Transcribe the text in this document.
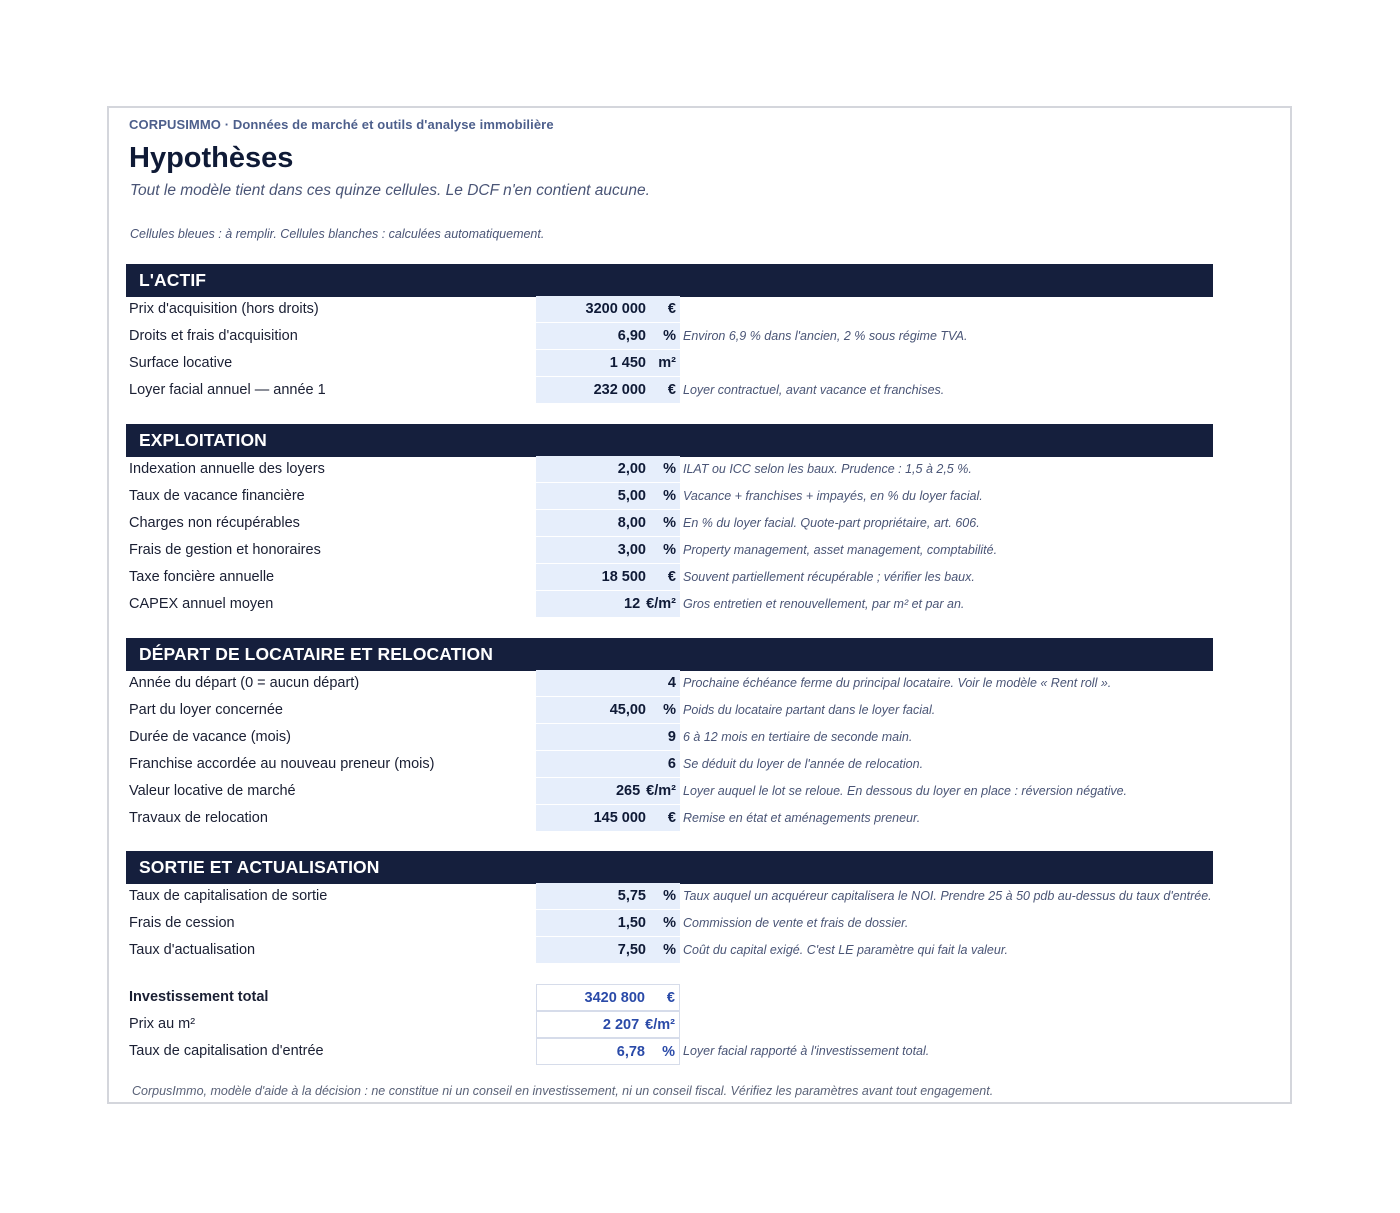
CORPUSIMMO · Données de marché et outils d'analyse immobilière
Hypothèses
Tout le modèle tient dans ces quinze cellules. Le DCF n'en contient aucune.
Cellules bleues : à remplir. Cellules blanches : calculées automatiquement.
L'ACTIF
Prix d'acquisition (hors droits)	3200 000	€
Droits et frais d'acquisition	6,90	% Environ 6,9 % dans l'ancien, 2 % sous régime TVA.
Surface locative	1 450 m²
Loyer facial annuel — année 1	232 000	€ Loyer contractuel, avant vacance et franchises.
EXPLOITATION
Indexation annuelle des loyers	2,00	% ILAT ou ICC selon les baux. Prudence : 1,5 à 2,5 %.
Taux de vacance financière	5,00	% Vacance + franchises + impayés, en % du loyer facial.
Charges non récupérables	8,00	% En % du loyer facial. Quote-part propriétaire, art. 606.
Frais de gestion et honoraires	3,00	% Property management, asset management, comptabilité.
Taxe foncière annuelle	18 500	€ Souvent partiellement récupérable ; vérifier les baux.
CAPEX annuel moyen	12 €/m² Gros entretien et renouvellement, par m² et par an.
DÉPART DE LOCATAIRE ET RELOCATION
Année du départ (0 = aucun départ)	4 Prochaine échéance ferme du principal locataire. Voir le modèle « Rent roll ».
Part du loyer concernée	45,00	% Poids du locataire partant dans le loyer facial.
Durée de vacance (mois)	9 6 à 12 mois en tertiaire de seconde main.
Franchise accordée au nouveau preneur (mois)	6 Se déduit du loyer de l'année de relocation.
Valeur locative de marché	265 €/m² Loyer auquel le lot se reloue. En dessous du loyer en place : réversion négative.
Travaux de relocation	145 000	€ Remise en état et aménagements preneur.
SORTIE ET ACTUALISATION
Taux de capitalisation de sortie	5,75	% Taux auquel un acquéreur capitalisera le NOI. Prendre 25 à 50 pdb au-dessus du taux d'entrée.
Frais de cession	1,50	% Commission de vente et frais de dossier.
Taux d'actualisation	7,50	% Coût du capital exigé. C'est LE paramètre qui fait la valeur.
Investissement total	3420 800	€
Prix au m²	2 207 €/m²
Taux de capitalisation d'entrée	6,78	% Loyer facial rapporté à l'investissement total.
CorpusImmo, modèle d'aide à la décision : ne constitue ni un conseil en investissement, ni un conseil fiscal. Vérifiez les paramètres avant tout engagement.
